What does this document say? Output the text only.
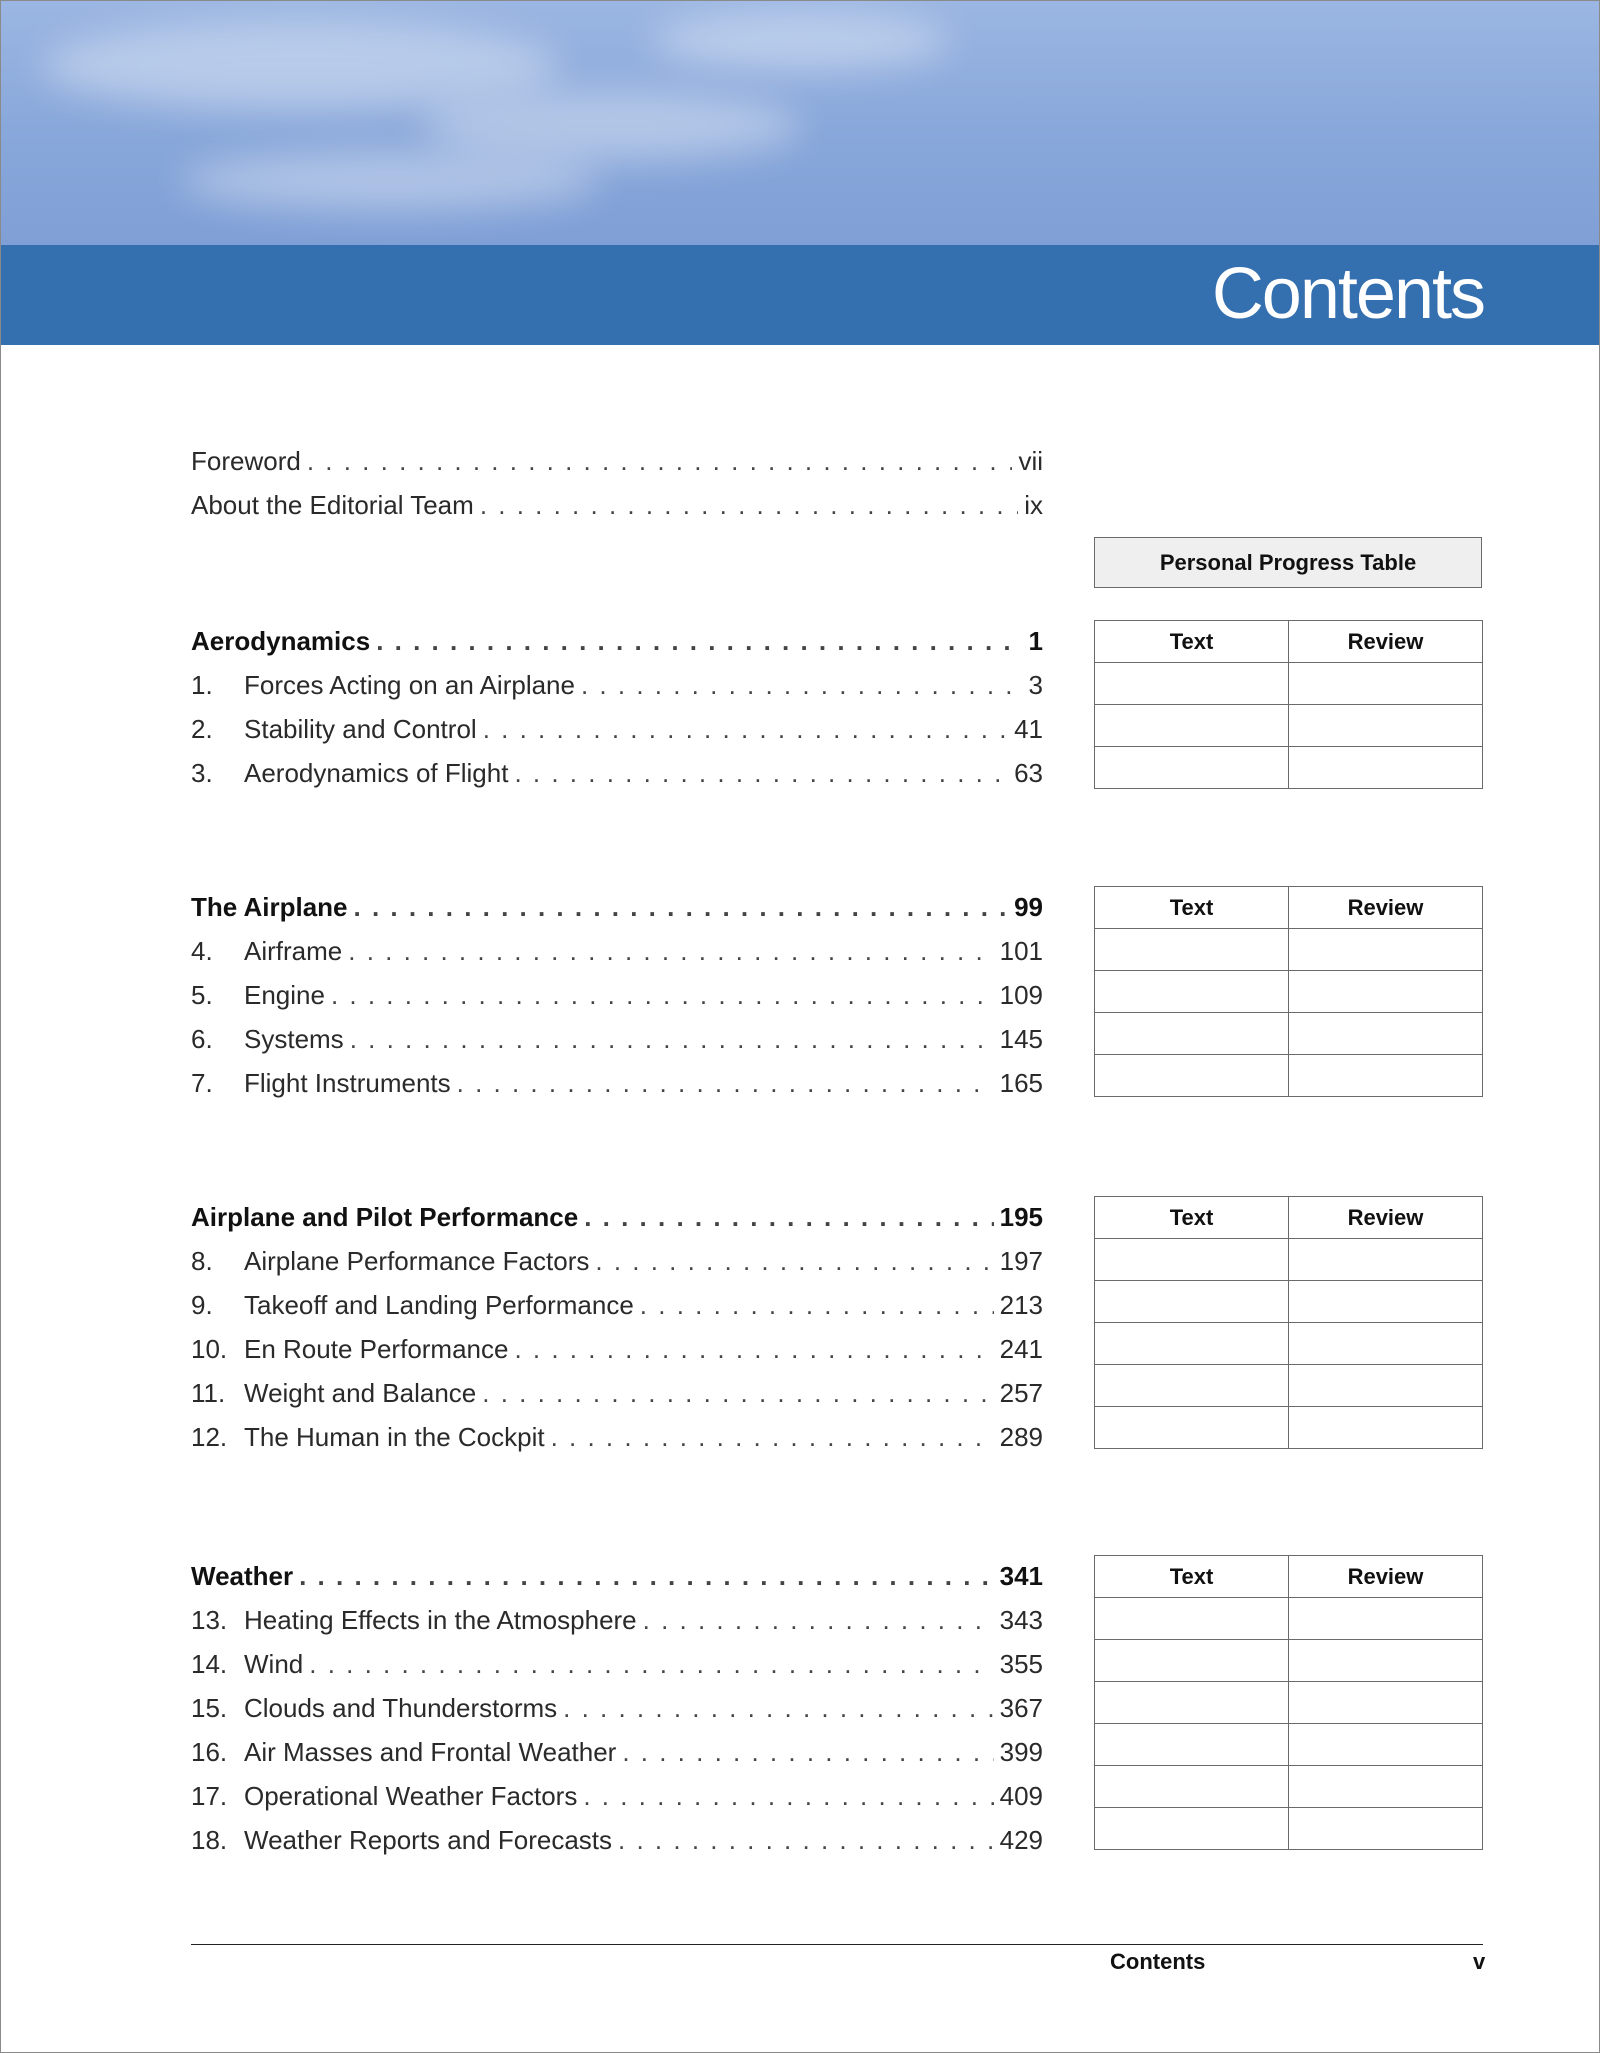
Contents
Foreword . . .	vii
About the Editorial Team . . .	ix
Personal Progress Table
Aerodynamics . . .	1
1.	Forces Acting on an Airplane . . .	3
2.	Stability and Control . . .	41
3.	Aerodynamics of Flight . . .	63
Text	Review

The Airplane . . .	99
4.	Airframe . . .	101
5.	Engine . . .	109
6.	Systems . . .	145
7.	Flight Instruments . . .	165
Text	Review

Airplane and Pilot Performance . . .	195
8.	Airplane Performance Factors . . .	197
9.	Takeoff and Landing Performance . . .	213
10. En Route Performance . . .	241
11. Weight and Balance . . .	257
12. The Human in the Cockpit . . .	289
Text	Review

Weather . . .	341
13. Heating Effects in the Atmosphere . . .	343
14. Wind . . .	355
15. Clouds and Thunderstorms . . .	367
16. Air Masses and Frontal Weather . . .	399
17. Operational Weather Factors . . .	409
18. Weather Reports and Forecasts . . .	429
Text	Review

Contents	v
